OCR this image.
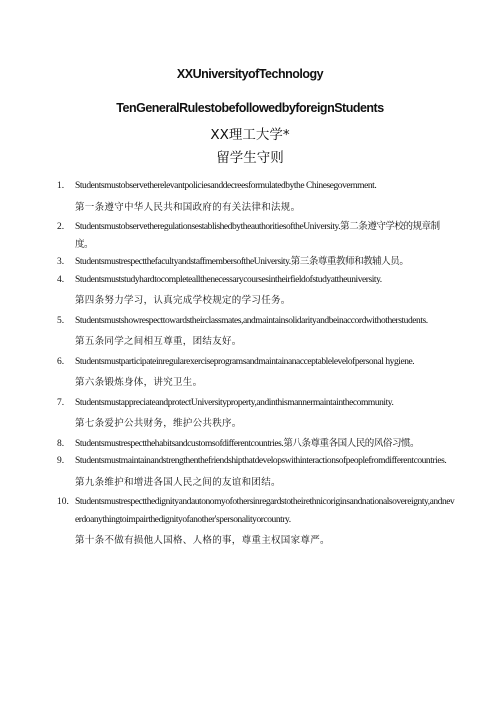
XXUniversityofTechnology
TenGeneralRulestobefollowedbyforeignStudents
XX理工大学*
留学生守则
1. Studentsmustobservetherelevantpoliciesanddecreesformulatedbythe Chinesegovernment.
第一条遵守中华人民共和国政府的有关法律和法规。
2. StudentsmustobservetheregulationsestablishedbytheauthoritiesoftheUniversity.第二条遵守学校的规章制度。
3. StudentsmustrespectthefacultyandstaffmembersoftheUniversity.第三条尊重教师和教辅人员。
4. Studentsmuststudyhardtocompleteallthenecessarycoursesintheirfieldofstudyattheuniversity.
第四条努力学习，认真完成学校规定的学习任务。
5. Studentsmustshowrespecttowardstheirclassmates,andmaintainsolidarityandbeinaccordwithotherstudents.
第五条同学之间相互尊重，团结友好。
6. Studentsmustparticipateinregularexerciseprogramsandmaintainanacceptablelevelofpersonal hygiene.
第六条锻炼身体，讲究卫生。
7. StudentsmustappreciateandprotectUniversityproperty,andinthismannermaintainthecommunity.
第七条爱护公共财务，维护公共秩序。
8. Studentsmustrespectthehabitsandcustomsofdifferentcountries.第八条尊重各国人民的风俗习惯。
9. Studentsmustmaintainandstrengthenthefriendshipthatdevelopswithinteractionsofpeoplefromdifferentcountries.
第九条维护和增进各国人民之间的友谊和团结。
10. Studentsmustrespectthedignityandautonomyofothersinregardstotheirethnicoriginsandnationalsovereignty,andneverdoanythingtoimpairthedignityofanother'spersonalityorcountry.
第十条不做有损他人国格、人格的事，尊重主权国家尊严。
